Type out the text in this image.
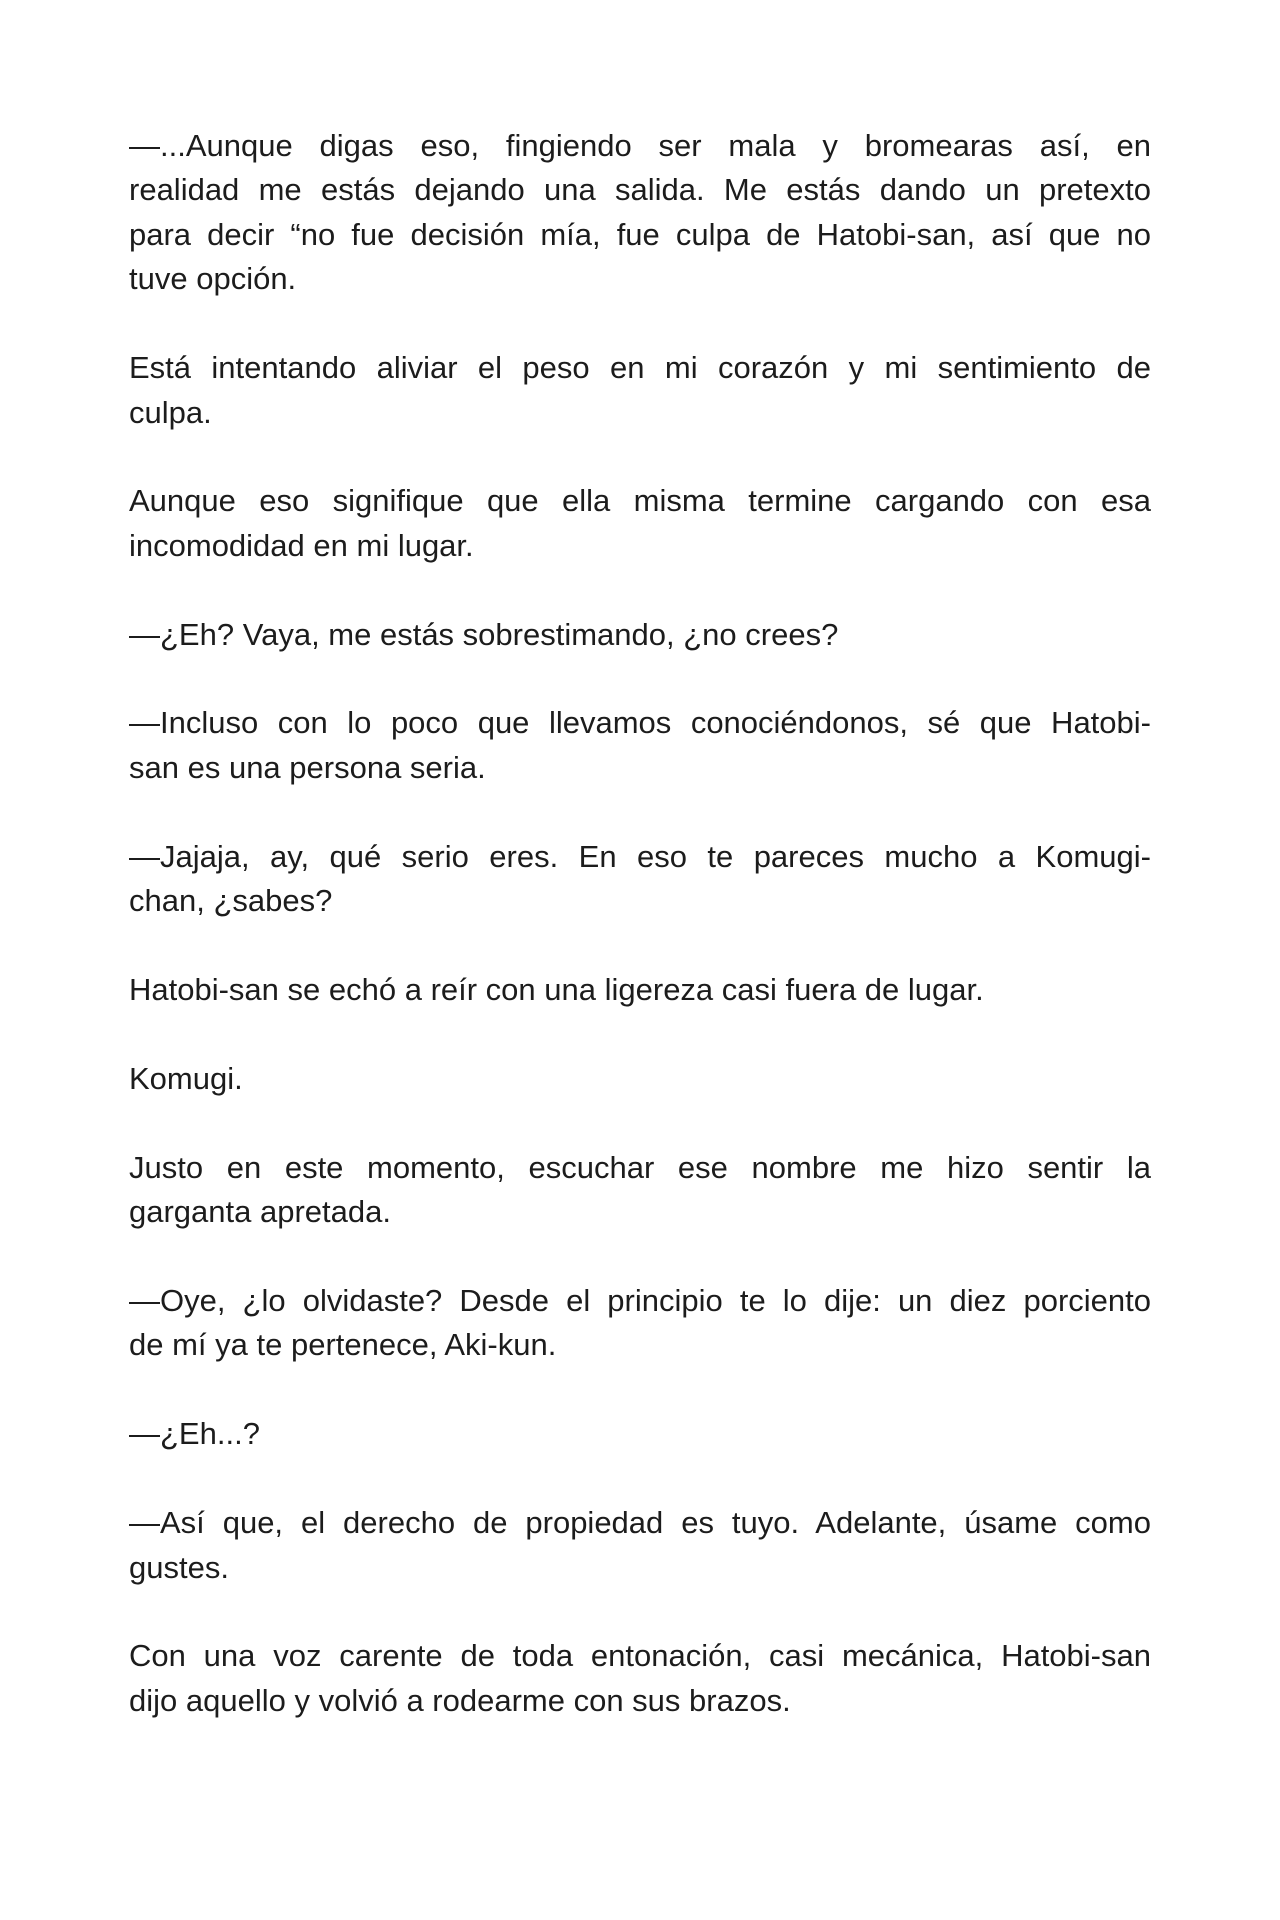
—...Aunque digas eso, fingiendo ser mala y bromearas así, en
realidad me estás dejando una salida. Me estás dando un pretexto
para decir “no fue decisión mía, fue culpa de Hatobi-san, así que no
tuve opción.

Está intentando aliviar el peso en mi corazón y mi sentimiento de
culpa.

Aunque eso signifique que ella misma termine cargando con esa
incomodidad en mi lugar.

—¿Eh? Vaya, me estás sobrestimando, ¿no crees?

—Incluso con lo poco que llevamos conociéndonos, sé que Hatobi-
san es una persona seria.

—Jajaja, ay, qué serio eres. En eso te pareces mucho a Komugi-
chan, ¿sabes?

Hatobi-san se echó a reír con una ligereza casi fuera de lugar.

Komugi.

Justo en este momento, escuchar ese nombre me hizo sentir la
garganta apretada.

—Oye, ¿lo olvidaste? Desde el principio te lo dije: un diez porciento
de mí ya te pertenece, Aki-kun.

—¿Eh...?

—Así que, el derecho de propiedad es tuyo. Adelante, úsame como
gustes.

Con una voz carente de toda entonación, casi mecánica, Hatobi-san
dijo aquello y volvió a rodearme con sus brazos.
